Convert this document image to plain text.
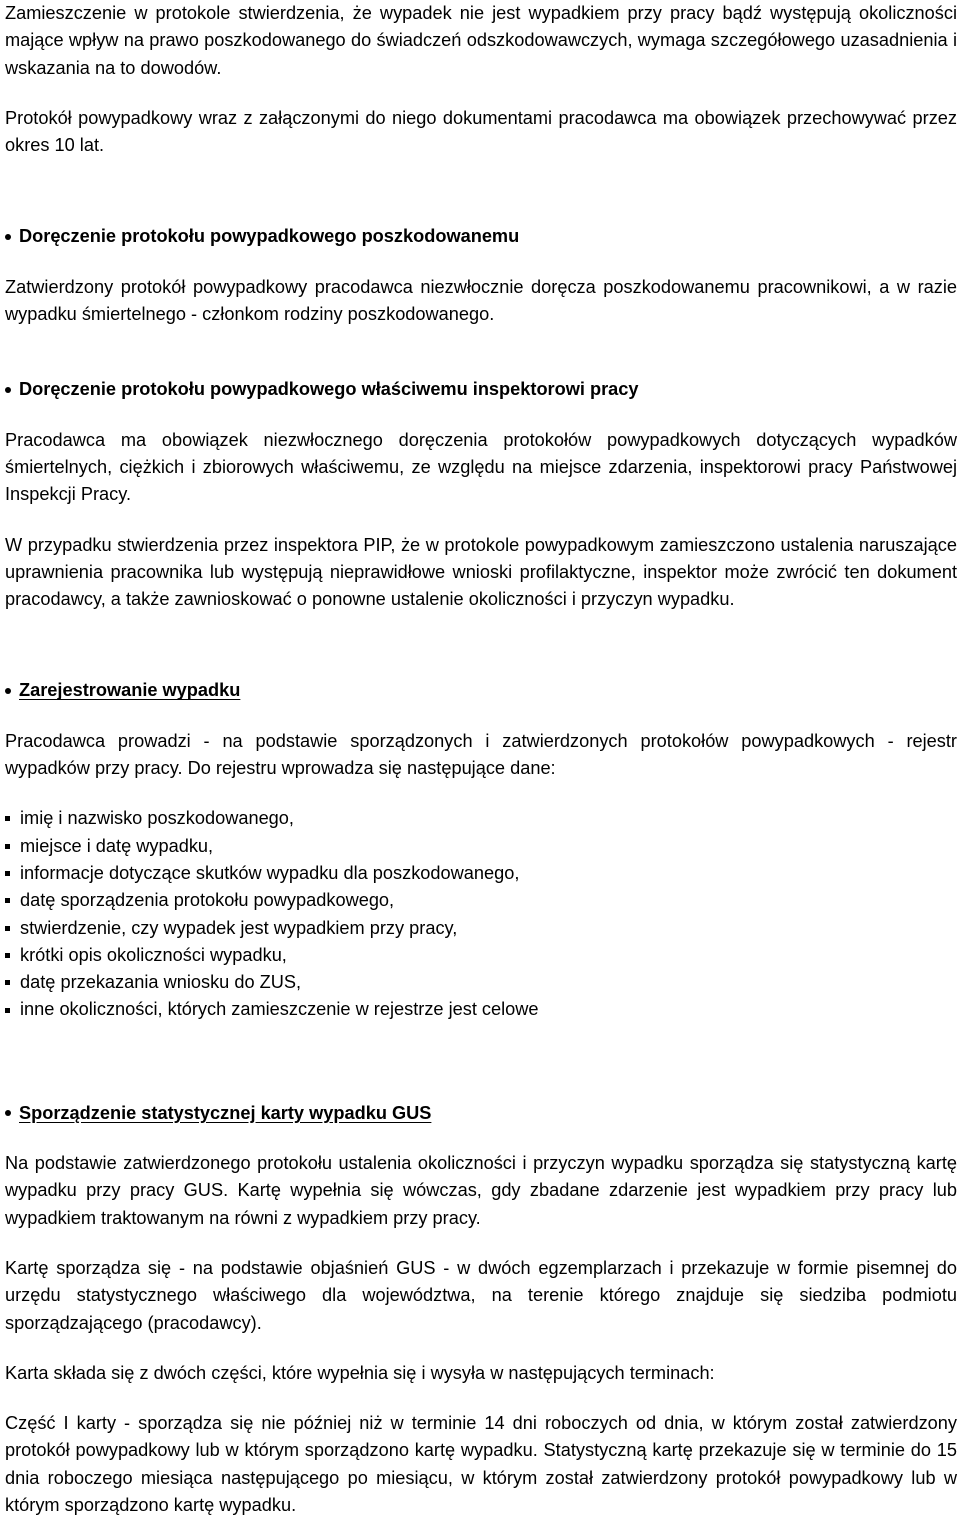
Zamieszczenie w protokole stwierdzenia, że wypadek nie jest wypadkiem przy pracy bądź występują okoliczności mające wpływ na prawo poszkodowanego do świadczeń odszkodowawczych, wymaga szczegółowego uzasadnienia i wskazania na to dowodów.

Protokół powypadkowy wraz z załączonymi do niego dokumentami pracodawca ma obowiązek przechowywać przez okres 10 lat.

Doręczenie protokołu powypadkowego poszkodowanemu

Zatwierdzony protokół powypadkowy pracodawca niezwłocznie doręcza poszkodowanemu pracownikowi, a w razie wypadku śmiertelnego - członkom rodziny poszkodowanego.

Doręczenie protokołu powypadkowego właściwemu inspektorowi pracy

Pracodawca ma obowiązek niezwłocznego doręczenia protokołów powypadkowych dotyczących wypadków śmiertelnych, ciężkich i zbiorowych właściwemu, ze względu na miejsce zdarzenia, inspektorowi pracy Państwowej Inspekcji Pracy.

W przypadku stwierdzenia przez inspektora PIP, że w protokole powypadkowym zamieszczono ustalenia naruszające uprawnienia pracownika lub występują nieprawidłowe wnioski profilaktyczne, inspektor może zwrócić ten dokument pracodawcy, a także zawnioskować o ponowne ustalenie okoliczności i przyczyn wypadku.

Zarejestrowanie wypadku

Pracodawca prowadzi - na podstawie sporządzonych i zatwierdzonych protokołów powypadkowych - rejestr wypadków przy pracy. Do rejestru wprowadza się następujące dane:

imię i nazwisko poszkodowanego,
miejsce i datę wypadku,
informacje dotyczące skutków wypadku dla poszkodowanego,
datę sporządzenia protokołu powypadkowego,
stwierdzenie, czy wypadek jest wypadkiem przy pracy,
krótki opis okoliczności wypadku,
datę przekazania wniosku do ZUS,
inne okoliczności, których zamieszczenie w rejestrze jest celowe
Sporządzenie statystycznej karty wypadku GUS

Na podstawie zatwierdzonego protokołu ustalenia okoliczności i przyczyn wypadku sporządza się statystyczną kartę wypadku przy pracy GUS. Kartę wypełnia się wówczas, gdy zbadane zdarzenie jest wypadkiem przy pracy lub wypadkiem traktowanym na równi z wypadkiem przy pracy.

Kartę sporządza się - na podstawie objaśnień GUS - w dwóch egzemplarzach i przekazuje w formie pisemnej do urzędu statystycznego właściwego dla województwa, na terenie którego znajduje się siedziba podmiotu sporządzającego (pracodawcy).

Karta składa się z dwóch części, które wypełnia się i wysyła w następujących terminach:

Część I karty - sporządza się nie później niż w terminie 14 dni roboczych od dnia, w którym został zatwierdzony protokół powypadkowy lub w którym sporządzono kartę wypadku. Statystyczną kartę przekazuje się w terminie do 15 dnia roboczego miesiąca następującego po miesiącu, w którym został zatwierdzony protokół powypadkowy lub w którym sporządzono kartę wypadku.
